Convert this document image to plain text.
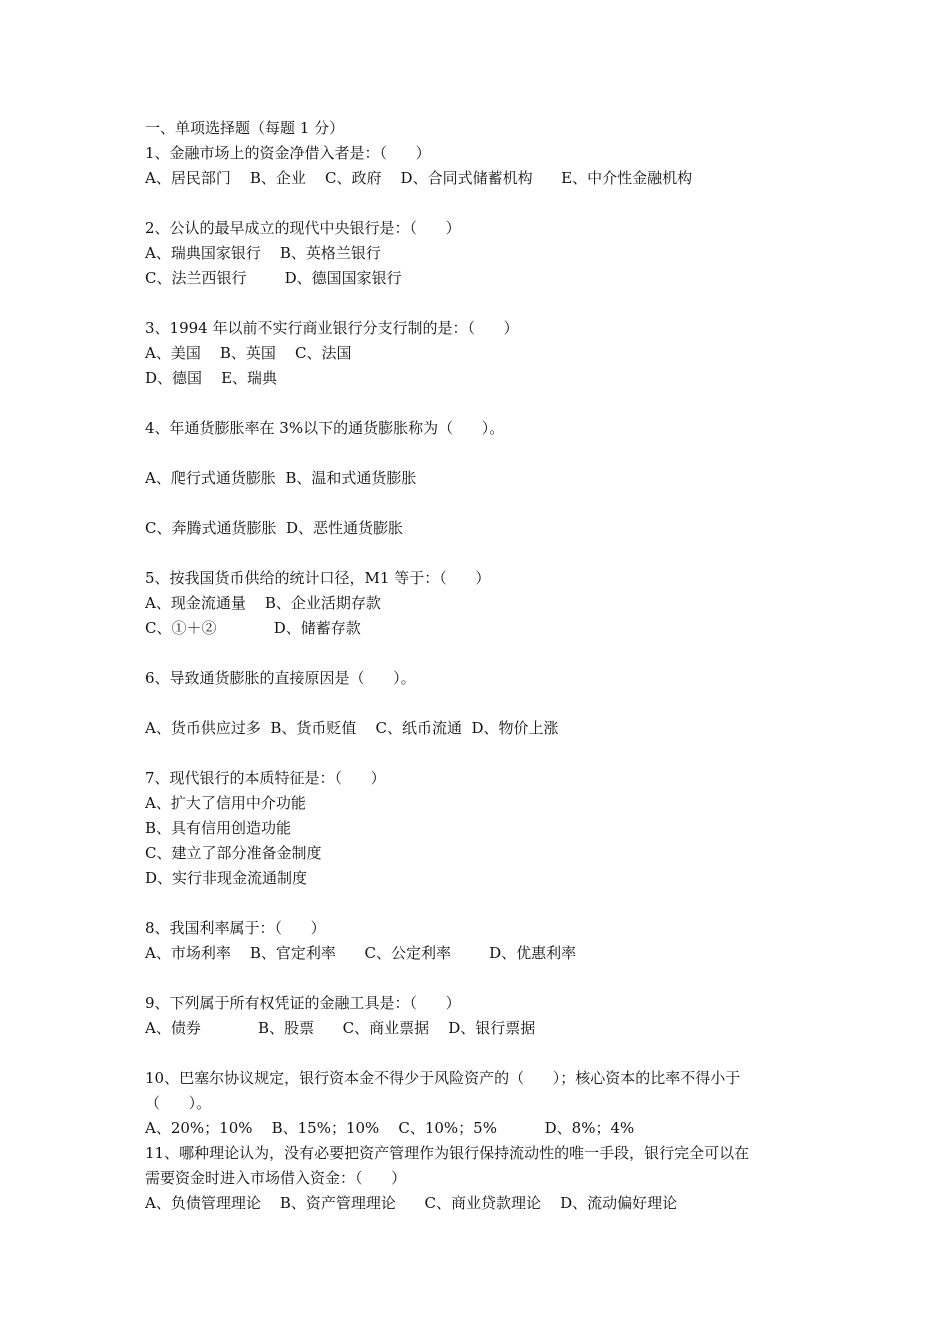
一、单项选择题（每题 1 分）
1、金融市场上的资金净借入者是：（      ）
A、居民部门    B、企业    C、政府    D、合同式储蓄机构      E、中介性金融机构
2、公认的最早成立的现代中央银行是：（      ）
A、瑞典国家银行    B、英格兰银行
C、法兰西银行        D、德国国家银行
3、1994 年以前不实行商业银行分支行制的是：（      ）
A、美国    B、英国    C、法国
D、德国    E、瑞典
4、年通货膨胀率在 3%以下的通货膨胀称为（      ）。
A、爬行式通货膨胀  B、温和式通货膨胀
C、奔腾式通货膨胀  D、恶性通货膨胀
5、按我国货币供给的统计口径，M1 等于：（      ）
A、现金流通量    B、企业活期存款
C、①＋②            D、储蓄存款
6、导致通货膨胀的直接原因是（      ）。
A、货币供应过多  B、货币贬值    C、纸币流通  D、物价上涨
7、现代银行的本质特征是：（      ）
A、扩大了信用中介功能
B、具有信用创造功能
C、建立了部分准备金制度
D、实行非现金流通制度
8、我国利率属于：（      ）
A、市场利率    B、官定利率      C、公定利率        D、优惠利率
9、下列属于所有权凭证的金融工具是：（      ）
A、债券            B、股票      C、商业票据    D、银行票据
10、巴塞尔协议规定，银行资本金不得少于风险资产的（      ）；核心资本的比率不得小于
（      ）。
A、20%；10%    B、15%；10%    C、10%；5%          D、8%；4%
11、哪种理论认为，没有必要把资产管理作为银行保持流动性的唯一手段，银行完全可以在
需要资金时进入市场借入资金：（      ）
A、负债管理理论    B、资产管理理论      C、商业贷款理论    D、流动偏好理论
